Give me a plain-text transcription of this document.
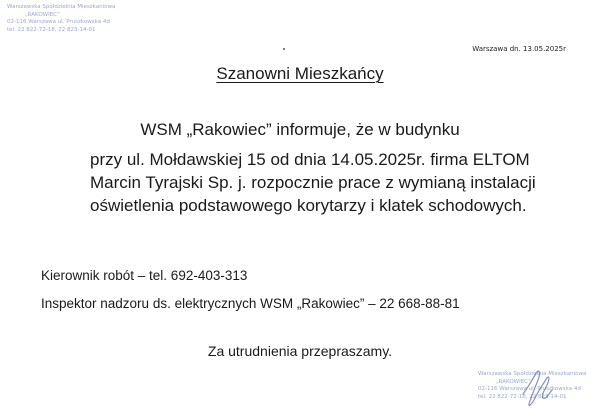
Warszawska Spółdzielnia Mieszkaniowa
„RAKOWIEC”
02-116 Warszawa ul. Pruszkowska 4d
tel. 22 822-72-18, 22 823-14-01
Warszawa dn. 13.05.2025r
Szanowni Mieszkańcy
WSM „Rakowiec” informuje, że w budynku
przy ul. Mołdawskiej 15 od dnia 14.05.2025r. firma ELTOM
Marcin Tyrajski Sp. j. rozpocznie prace z wymianą instalacji
oświetlenia podstawowego korytarzy i klatek schodowych.
Kierownik robót – tel. 692-403-313
Inspektor nadzoru ds. elektrycznych WSM „Rakowiec” – 22 668-88-81
Za utrudnienia przepraszamy.
Warszawska Spółdzielnia Mieszkaniowa
„RAKOWIEC”
02-116 Warszawa ul. Pruszkowska 4d
tel. 22 822-72-18, 22 823-14-01
